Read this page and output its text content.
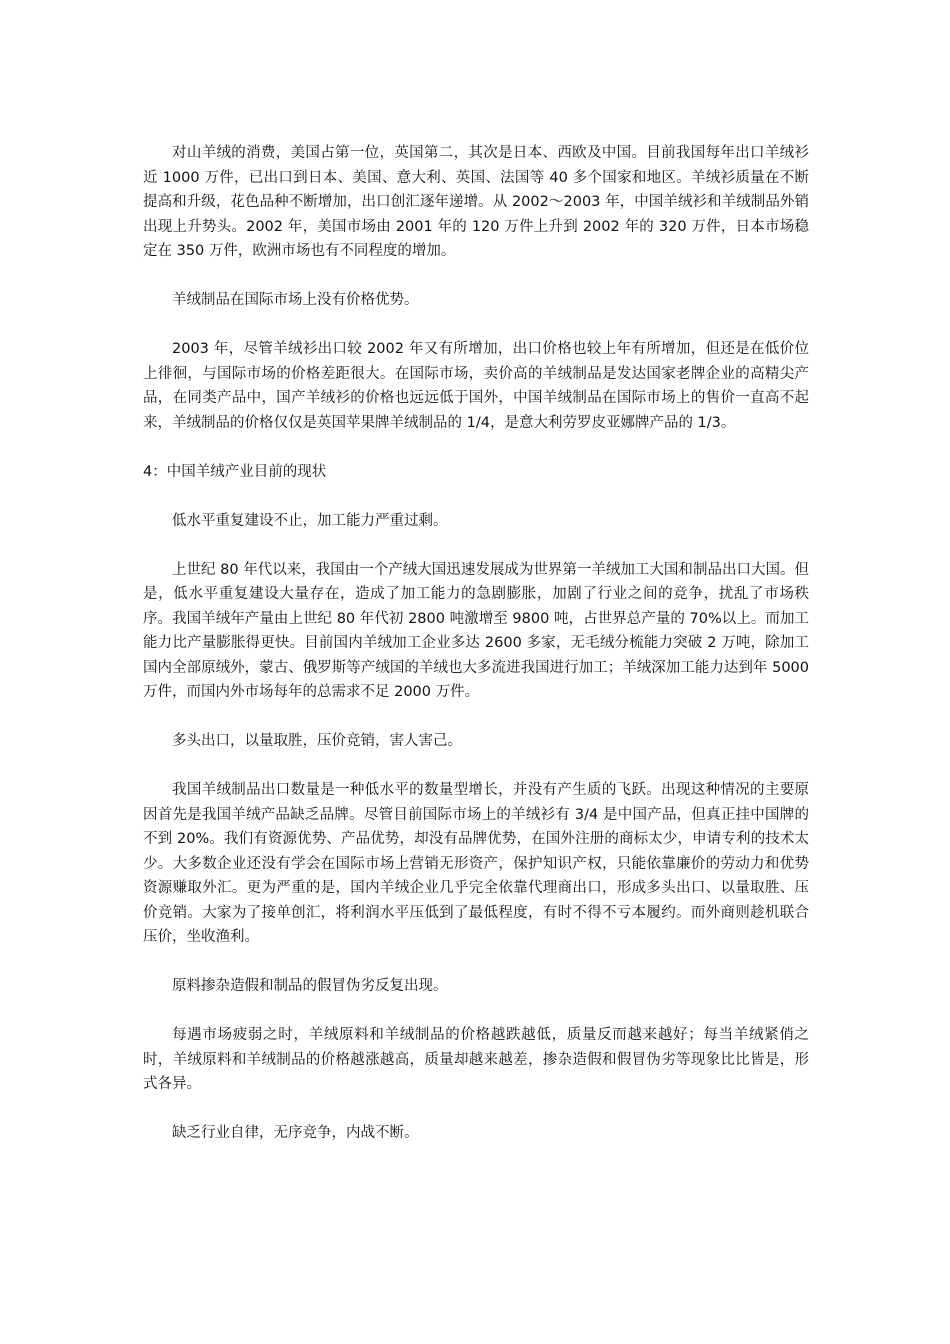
对山羊绒的消费，美国占第一位，英国第二，其次是日本、西欧及中国。目前我国每年出口羊绒衫近 1000 万件，已出口到日本、美国、意大利、英国、法国等 40 多个国家和地区。羊绒衫质量在不断提高和升级，花色品种不断增加，出口创汇逐年递增。从 2002～2003 年，中国羊绒衫和羊绒制品外销出现上升势头。2002 年，美国市场由 2001 年的 120 万件上升到 2002 年的 320 万件，日本市场稳定在 350 万件，欧洲市场也有不同程度的增加。

羊绒制品在国际市场上没有价格优势。

2003 年，尽管羊绒衫出口较 2002 年又有所增加，出口价格也较上年有所增加，但还是在低价位上徘徊，与国际市场的价格差距很大。在国际市场，卖价高的羊绒制品是发达国家老牌企业的高精尖产品，在同类产品中，国产羊绒衫的价格也远远低于国外，中国羊绒制品在国际市场上的售价一直高不起来，羊绒制品的价格仅仅是英国苹果牌羊绒制品的 1/4，是意大利劳罗皮亚娜牌产品的 1/3。

4：中国羊绒产业目前的现状

低水平重复建设不止，加工能力严重过剩。

上世纪 80 年代以来，我国由一个产绒大国迅速发展成为世界第一羊绒加工大国和制品出口大国。但是，低水平重复建设大量存在，造成了加工能力的急剧膨胀，加剧了行业之间的竞争，扰乱了市场秩序。我国羊绒年产量由上世纪 80 年代初 2800 吨激增至 9800 吨，占世界总产量的 70%以上。而加工能力比产量膨胀得更快。目前国内羊绒加工企业多达 2600 多家，无毛绒分梳能力突破 2 万吨，除加工国内全部原绒外，蒙古、俄罗斯等产绒国的羊绒也大多流进我国进行加工；羊绒深加工能力达到年 5000 万件，而国内外市场每年的总需求不足 2000 万件。

多头出口，以量取胜，压价竞销，害人害己。

我国羊绒制品出口数量是一种低水平的数量型增长，并没有产生质的飞跃。出现这种情况的主要原因首先是我国羊绒产品缺乏品牌。尽管目前国际市场上的羊绒衫有 3/4 是中国产品，但真正挂中国牌的不到 20%。我们有资源优势、产品优势，却没有品牌优势，在国外注册的商标太少，申请专利的技术太少。大多数企业还没有学会在国际市场上营销无形资产，保护知识产权，只能依靠廉价的劳动力和优势资源赚取外汇。更为严重的是，国内羊绒企业几乎完全依靠代理商出口，形成多头出口、以量取胜、压价竞销。大家为了接单创汇，将利润水平压低到了最低程度，有时不得不亏本履约。而外商则趁机联合压价，坐收渔利。

原料掺杂造假和制品的假冒伪劣反复出现。

每遇市场疲弱之时，羊绒原料和羊绒制品的价格越跌越低，质量反而越来越好；每当羊绒紧俏之时，羊绒原料和羊绒制品的价格越涨越高，质量却越来越差，掺杂造假和假冒伪劣等现象比比皆是，形式各异。

缺乏行业自律，无序竞争，内战不断。
